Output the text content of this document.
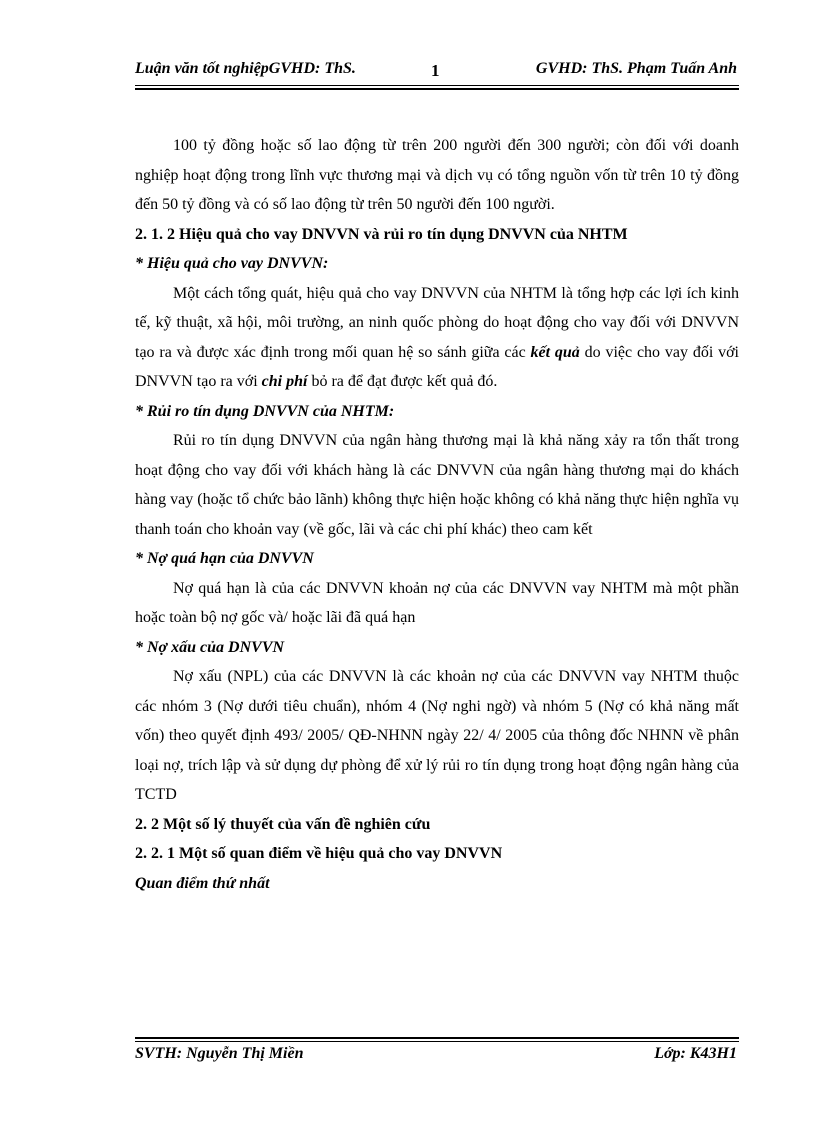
Luận văn tốt nghiệpGVHD: ThS.	1	GVHD: ThS. Phạm Tuấn Anh

100 tỷ đồng hoặc số lao động từ trên 200 người đến 300 người; còn đối với doanh nghiệp hoạt động trong lĩnh vực thương mại và dịch vụ có tổng nguồn vốn từ trên 10 tỷ đồng đến 50 tỷ đồng và có số lao động từ trên 50 người đến 100 người.

2. 1. 2 Hiệu quả cho vay DNVVN và rủi ro tín dụng DNVVN của NHTM

* Hiệu quả cho vay DNVVN:

Một cách tổng quát, hiệu quả cho vay DNVVN của NHTM là tổng hợp các lợi ích kinh tế, kỹ thuật, xã hội, môi trường, an ninh quốc phòng do hoạt động cho vay đối với DNVVN tạo ra và được xác định trong mối quan hệ so sánh giữa các kết quả do việc cho vay đối với DNVVN tạo ra với chi phí bỏ ra để đạt được kết quả đó.

* Rủi ro tín dụng DNVVN của NHTM:

Rủi ro tín dụng DNVVN của ngân hàng thương mại là khả năng xảy ra tổn thất trong hoạt động cho vay đối với khách hàng là các DNVVN của ngân hàng thương mại do khách hàng vay (hoặc tổ chức bảo lãnh) không thực hiện hoặc không có khả năng thực hiện nghĩa vụ thanh toán cho khoản vay (về gốc, lãi và các chi phí khác) theo cam kết

* Nợ quá hạn của DNVVN

Nợ quá hạn là của các DNVVN khoản nợ của các DNVVN vay NHTM mà một phần hoặc toàn bộ nợ gốc và/ hoặc lãi đã quá hạn

* Nợ xấu của DNVVN

Nợ xấu (NPL) của các DNVVN là các khoản nợ của các DNVVN vay NHTM thuộc các nhóm 3 (Nợ dưới tiêu chuẩn), nhóm 4 (Nợ nghi ngờ) và nhóm 5 (Nợ có khả năng mất vốn) theo quyết định 493/ 2005/ QĐ-NHNN ngày 22/ 4/ 2005 của thông đốc NHNN về phân loại nợ, trích lập và sử dụng dự phòng để xử lý rủi ro tín dụng trong hoạt động ngân hàng của TCTD

2. 2 Một số lý thuyết của vấn đề nghiên cứu

2. 2. 1 Một số quan điểm về hiệu quả cho vay DNVVN

Quan điểm thứ nhất

SVTH: Nguyễn Thị Miền	Lớp: K43H1
